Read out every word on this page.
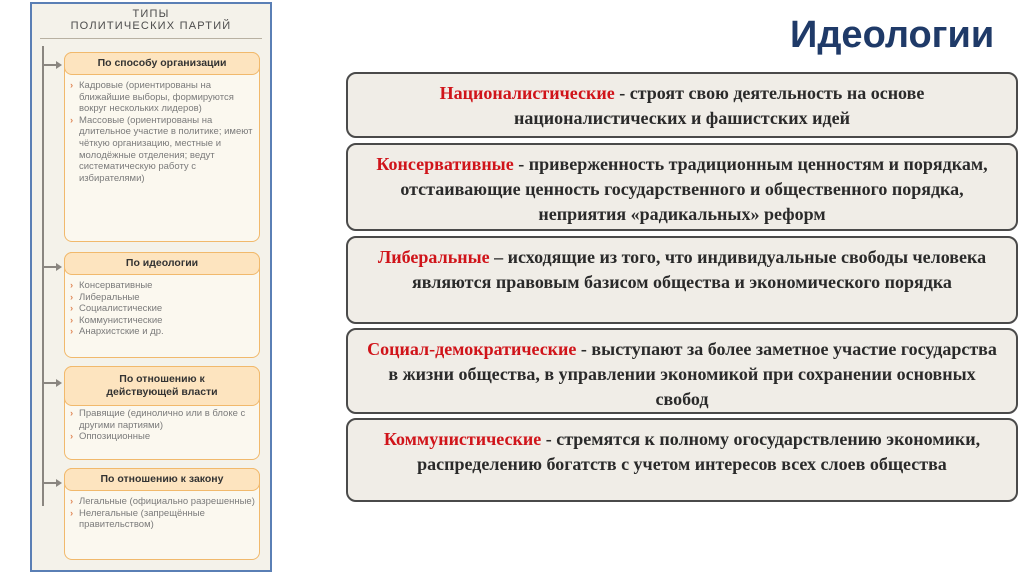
ТИПЫ
ПОЛИТИЧЕСКИХ ПАРТИЙ
По способу организации
› Кадровые (ориентированы на ближайшие выборы, формируются вокруг нескольких лидеров)
› Массовые (ориентированы на длительное участие в политике; имеют чёткую организацию, местные и молодёжные отделения; ведут систематическую работу с избирателями)
По идеологии
› Консервативные
› Либеральные
› Социалистические
› Коммунистические
› Анархистские и др.
По отношению к действующей власти
› Правящие (единолично или в блоке с другими партиями)
› Оппозиционные
По отношению к закону
› Легальные (официально разрешенные)
› Нелегальные (запрещённые правительством)
Идеологии
Националистические - строят свою деятельность на основе националистических и фашистских идей
Консервативные - приверженность традиционным ценностям и порядкам, отстаивающие ценность государственного и общественного порядка, неприятия «радикальных» реформ
Либеральные – исходящие из того, что индивидуальные свободы человека являются правовым базисом общества и экономического порядка
Социал-демократические - выступают за более заметное участие государства в жизни общества, в управлении экономикой при сохранении основных свобод
Коммунистические - стремятся к полному огосударствлению экономики, распределению богатств с учетом интересов всех слоев общества
